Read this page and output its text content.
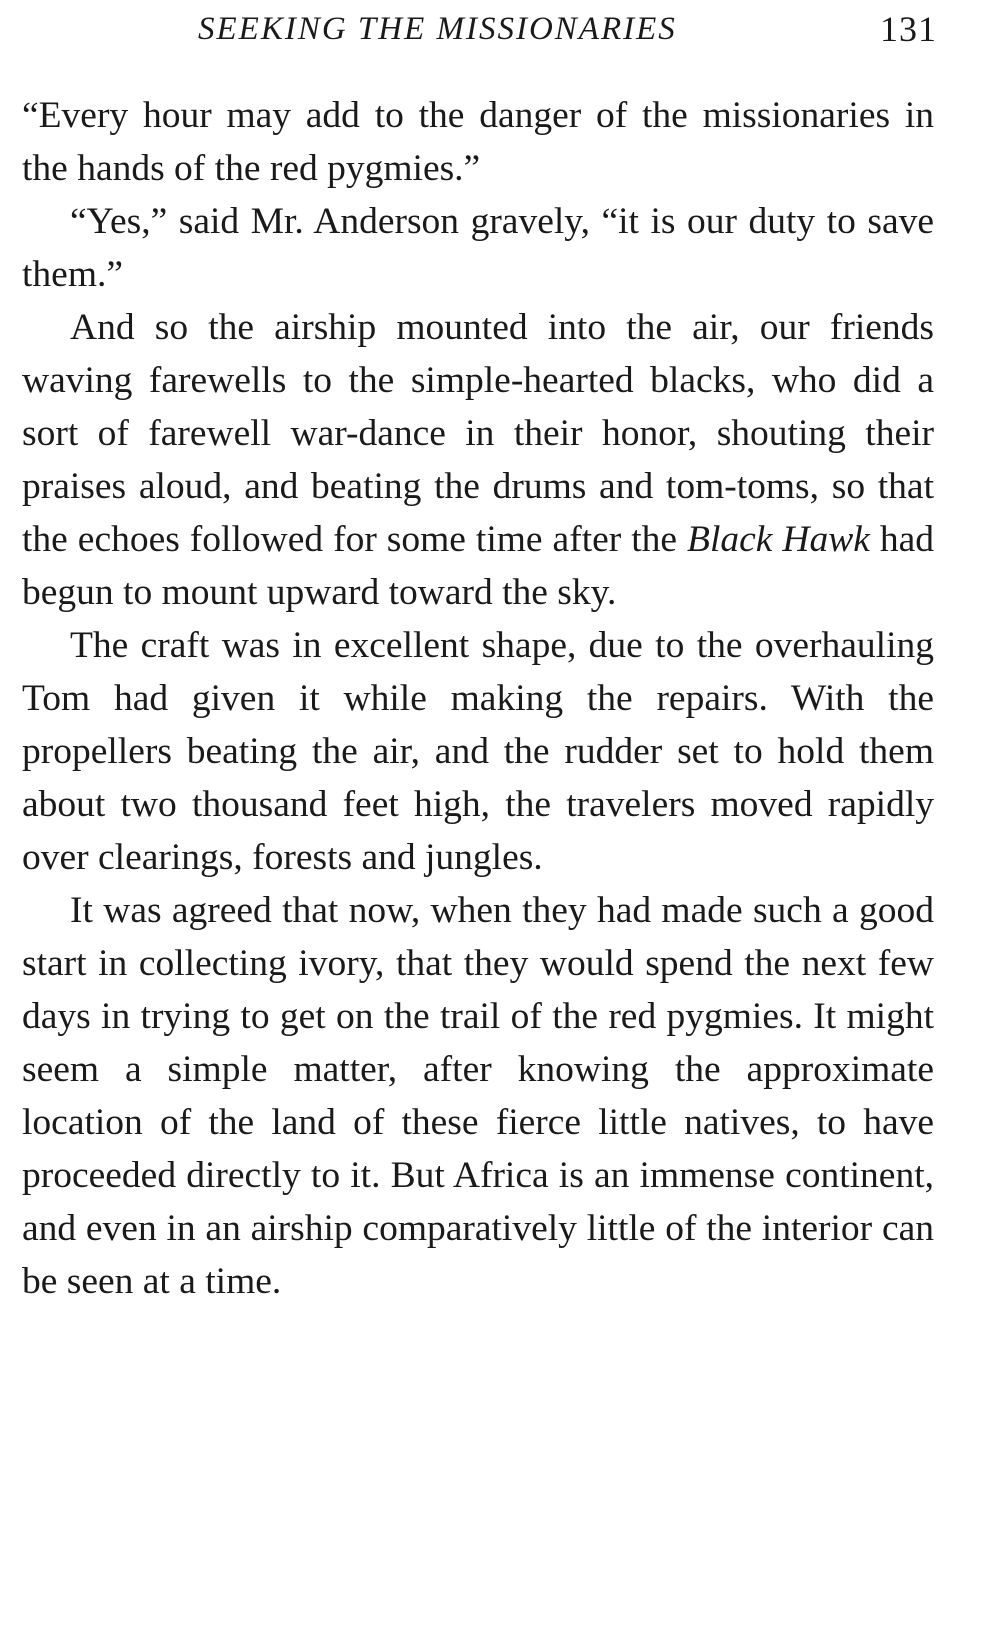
SEEKING THE MISSIONARIES	131

“Every hour may add to the danger of the missionaries in the hands of the red pygmies.”

“Yes,” said Mr. Anderson gravely, “it is our duty to save them.”

And so the airship mounted into the air, our friends waving farewells to the simple-hearted blacks, who did a sort of farewell war-dance in their honor, shouting their praises aloud, and beating the drums and tom-toms, so that the echoes followed for some time after the Black Hawk had begun to mount upward toward the sky.

The craft was in excellent shape, due to the overhauling Tom had given it while making the repairs. With the propellers beating the air, and the rudder set to hold them about two thousand feet high, the travelers moved rapidly over clearings, forests and jungles.

It was agreed that now, when they had made such a good start in collecting ivory, that they would spend the next few days in trying to get on the trail of the red pygmies. It might seem a simple matter, after knowing the approximate location of the land of these fierce little natives, to have proceeded directly to it. But Africa is an immense continent, and even in an airship comparatively little of the interior can be seen at a time.
